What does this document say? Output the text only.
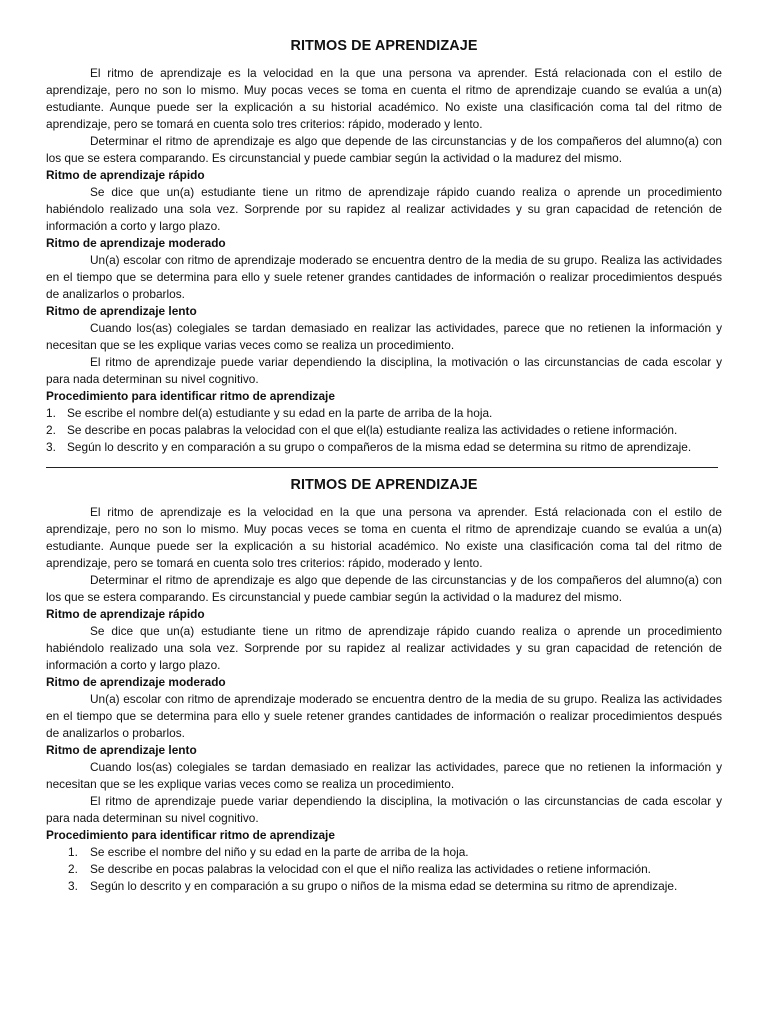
RITMOS DE APRENDIZAJE

El ritmo de aprendizaje es la velocidad en la que una persona va aprender. Está relacionada con el estilo de aprendizaje, pero no son lo mismo. Muy pocas veces se toma en cuenta el ritmo de aprendizaje cuando se evalúa a un(a) estudiante. Aunque puede ser la explicación a su historial académico. No existe una clasificación coma tal del ritmo de aprendizaje, pero se tomará en cuenta solo tres criterios: rápido, moderado y lento.

Determinar el ritmo de aprendizaje es algo que depende de las circunstancias y de los compañeros del alumno(a) con los que se estera comparando. Es circunstancial y puede cambiar según la actividad o la madurez del mismo.

Ritmo de aprendizaje rápido

Se dice que un(a) estudiante tiene un ritmo de aprendizaje rápido cuando realiza o aprende un procedimiento habiéndolo realizado una sola vez. Sorprende por su rapidez al realizar actividades y su gran capacidad de retención de información a corto y largo plazo.

Ritmo de aprendizaje moderado

Un(a) escolar con ritmo de aprendizaje moderado se encuentra dentro de la media de su grupo. Realiza las actividades en el tiempo que se determina para ello y suele retener grandes cantidades de información o realizar procedimientos después de analizarlos o probarlos.

Ritmo de aprendizaje lento

Cuando los(as) colegiales se tardan demasiado en realizar las actividades, parece que no retienen la información y necesitan que se les explique varias veces como se realiza un procedimiento.

El ritmo de aprendizaje puede variar dependiendo la disciplina, la motivación o las circunstancias de cada escolar y para nada determinan su nivel cognitivo.

Procedimiento para identificar ritmo de aprendizaje
1. Se escribe el nombre del(a) estudiante y su edad en la parte de arriba de la hoja.
2. Se describe en pocas palabras la velocidad con el que el(la) estudiante realiza las actividades o retiene información.
3. Según lo descrito y en comparación a su grupo o compañeros de la misma edad se determina su ritmo de aprendizaje.
RITMOS DE APRENDIZAJE

El ritmo de aprendizaje es la velocidad en la que una persona va aprender. Está relacionada con el estilo de aprendizaje, pero no son lo mismo. Muy pocas veces se toma en cuenta el ritmo de aprendizaje cuando se evalúa a un(a) estudiante. Aunque puede ser la explicación a su historial académico. No existe una clasificación coma tal del ritmo de aprendizaje, pero se tomará en cuenta solo tres criterios: rápido, moderado y lento.

Determinar el ritmo de aprendizaje es algo que depende de las circunstancias y de los compañeros del alumno(a) con los que se estera comparando. Es circunstancial y puede cambiar según la actividad o la madurez del mismo.

Ritmo de aprendizaje rápido

Se dice que un(a) estudiante tiene un ritmo de aprendizaje rápido cuando realiza o aprende un procedimiento habiéndolo realizado una sola vez. Sorprende por su rapidez al realizar actividades y su gran capacidad de retención de información a corto y largo plazo.

Ritmo de aprendizaje moderado

Un(a) escolar con ritmo de aprendizaje moderado se encuentra dentro de la media de su grupo. Realiza las actividades en el tiempo que se determina para ello y suele retener grandes cantidades de información o realizar procedimientos después de analizarlos o probarlos.

Ritmo de aprendizaje lento

Cuando los(as) colegiales se tardan demasiado en realizar las actividades, parece que no retienen la información y necesitan que se les explique varias veces como se realiza un procedimiento.

El ritmo de aprendizaje puede variar dependiendo la disciplina, la motivación o las circunstancias de cada escolar y para nada determinan su nivel cognitivo.

Procedimiento para identificar ritmo de aprendizaje
1. Se escribe el nombre del niño y su edad en la parte de arriba de la hoja.
2. Se describe en pocas palabras la velocidad con el que el niño realiza las actividades o retiene información.
3. Según lo descrito y en comparación a su grupo o niños de la misma edad se determina su ritmo de aprendizaje.
